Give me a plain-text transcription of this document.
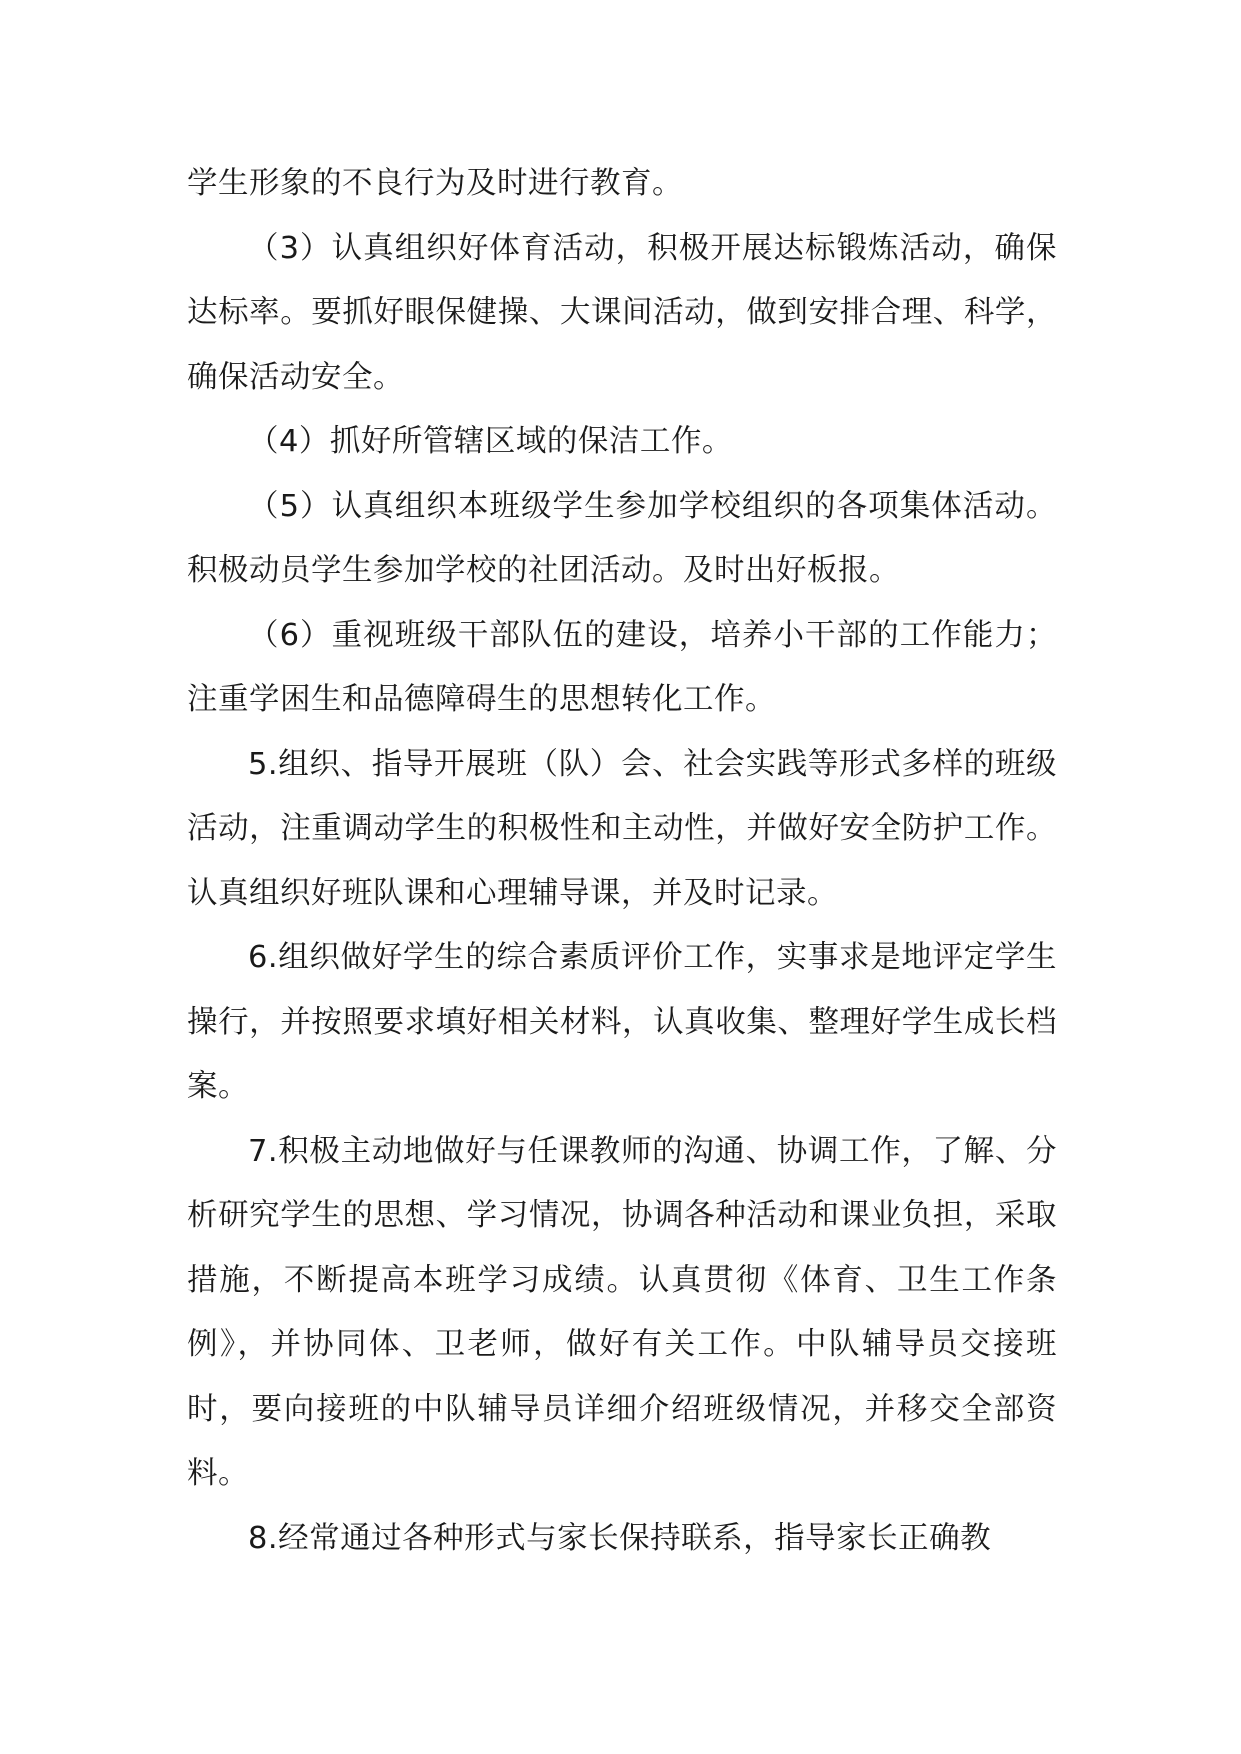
学生形象的不良行为及时进行教育。

（3）认真组织好体育活动，积极开展达标锻炼活动，确保达标率。要抓好眼保健操、大课间活动，做到安排合理、科学，确保活动安全。

（4）抓好所管辖区域的保洁工作。

（5）认真组织本班级学生参加学校组织的各项集体活动。积极动员学生参加学校的社团活动。及时出好板报。

（6）重视班级干部队伍的建设，培养小干部的工作能力；注重学困生和品德障碍生的思想转化工作。

5.组织、指导开展班（队）会、社会实践等形式多样的班级活动，注重调动学生的积极性和主动性，并做好安全防护工作。认真组织好班队课和心理辅导课，并及时记录。

6.组织做好学生的综合素质评价工作，实事求是地评定学生操行，并按照要求填好相关材料，认真收集、整理好学生成长档案。

7.积极主动地做好与任课教师的沟通、协调工作，了解、分析研究学生的思想、学习情况，协调各种活动和课业负担，采取措施，不断提高本班学习成绩。认真贯彻《体育、卫生工作条例》，并协同体、卫老师，做好有关工作。中队辅导员交接班时，要向接班的中队辅导员详细介绍班级情况，并移交全部资料。

8.经常通过各种形式与家长保持联系，指导家长正确教
